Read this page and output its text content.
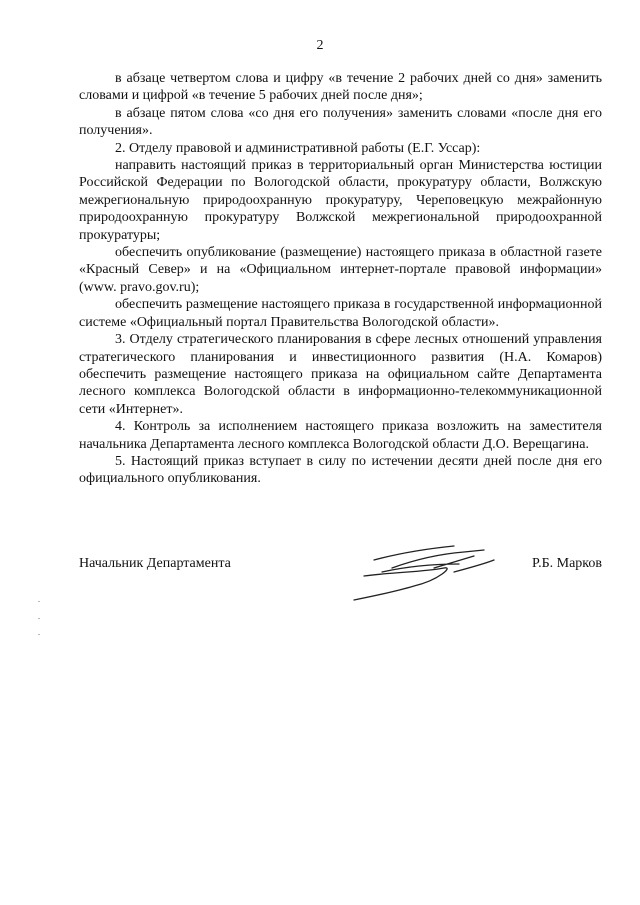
2

в абзаце четвертом слова и цифру «в течение 2 рабочих дней со дня» заменить словами и цифрой «в течение 5 рабочих дней после дня»;

в абзаце пятом слова «со дня его получения» заменить словами «после дня его получения».

2. Отделу правовой и административной работы (Е.Г. Уссар):

направить настоящий приказ в территориальный орган Министерства юстиции Российской Федерации по Вологодской области, прокуратуру области, Волжскую межрегиональную природоохранную прокуратуру, Череповецкую межрайонную природоохранную прокуратуру Волжской межрегиональной природоохранной прокуратуры;

обеспечить опубликование (размещение) настоящего приказа в областной газете «Красный Север» и на «Официальном интернет-портале правовой информации» (www. pravo.gov.ru);

обеспечить размещение настоящего приказа в государственной информационной системе «Официальный портал Правительства Вологодской области».

3. Отделу стратегического планирования в сфере лесных отношений управления стратегического планирования и инвестиционного развития (Н.А. Комаров) обеспечить размещение настоящего приказа на официальном сайте Департамента лесного комплекса Вологодской области в информационно-телекоммуникационной сети «Интернет».

4. Контроль за исполнением настоящего приказа возложить на заместителя начальника Департамента лесного комплекса Вологодской области Д.О. Верещагина.

5. Настоящий приказ вступает в силу по истечении десяти дней после дня его официального опубликования.

Начальник Департамента	Р.Б. Марков
